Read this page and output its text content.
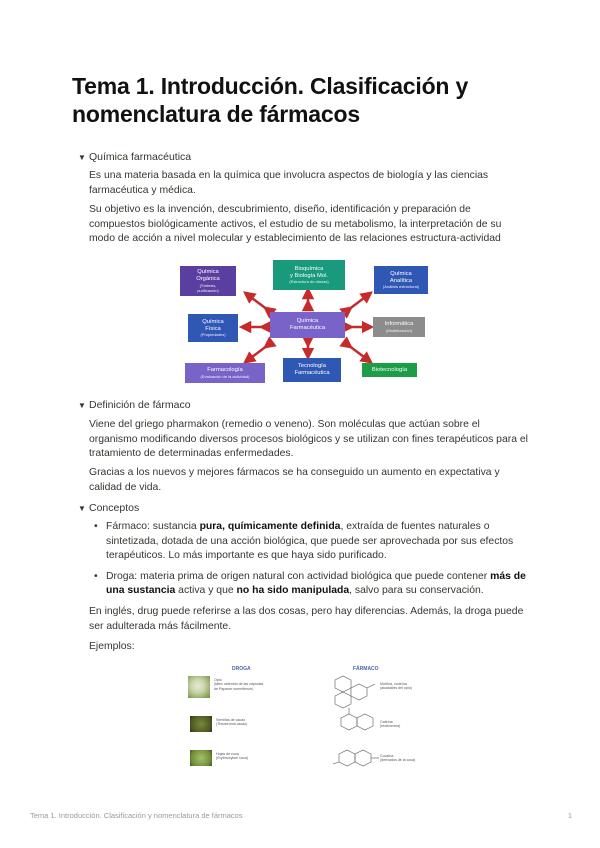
Tema 1. Introducción. Clasificación y nomenclatura de fármacos
▼ Química farmacéutica

Es una materia basada en la química que involucra aspectos de biología y las ciencias farmacéutica y médica.

Su objetivo es la invención, descubrimiento, diseño, identificación y preparación de compuestos biológicamente activos, el estudio de su metabolismo, la interpretación de su modo de acción a nivel molecular y establecimiento de las relaciones estructura-actividad

Química
Orgánica
(Síntesis,
purificación)
Bioquímica
y Biología Mol.
(Estructura de dianas)
Química
Analítica
(Análisis estructural)
Química
Física
(Propiedades)
Química
Farmacéutica
Informática
(Modelización)
Farmacología
(Evaluación de la actividad)
Tecnología
Farmacéutica
Biotecnología
▼ Definición de fármaco

Viene del griego pharmakon (remedio o veneno). Son moléculas que actúan sobre el organismo modificando diversos procesos biológicos y se utilizan con fines terapéuticos para el tratamiento de determinadas enfermedades.

Gracias a los nuevos y mejores fármacos se ha conseguido un aumento en expectativa y calidad de vida.

▼ Conceptos
• Fármaco: sustancia pura, químicamente definida, extraída de fuentes naturales o sintetizada, dotada de una acción biológica, que puede ser aprovechada por sus efectos terapéuticos. Lo más importante es que haya sido purificado.
• Droga: materia prima de origen natural con actividad biológica que puede contener más de una sustancia activa y que no ha sido manipulada, salvo para su conservación.

En inglés, drug puede referirse a las dos cosas, pero hay diferencias. Además, la droga puede ser adulterada más fácilmente.

Ejemplos:

DROGA	FÁRMACO
Opio
(látex obtenido de las cápsulas
de Papaver somniferum)
Semillas de cacao
(Theobroma cacao)
Hojas de coca
(Erythroxylum coca)
Morfina, codeína
(alcaloides del opio)
Cafeína
(teobromina)
Cocaína
(derivados de la coca)
Tema 1. Introducción. Clasificación y nomenclatura de fármacos	1
